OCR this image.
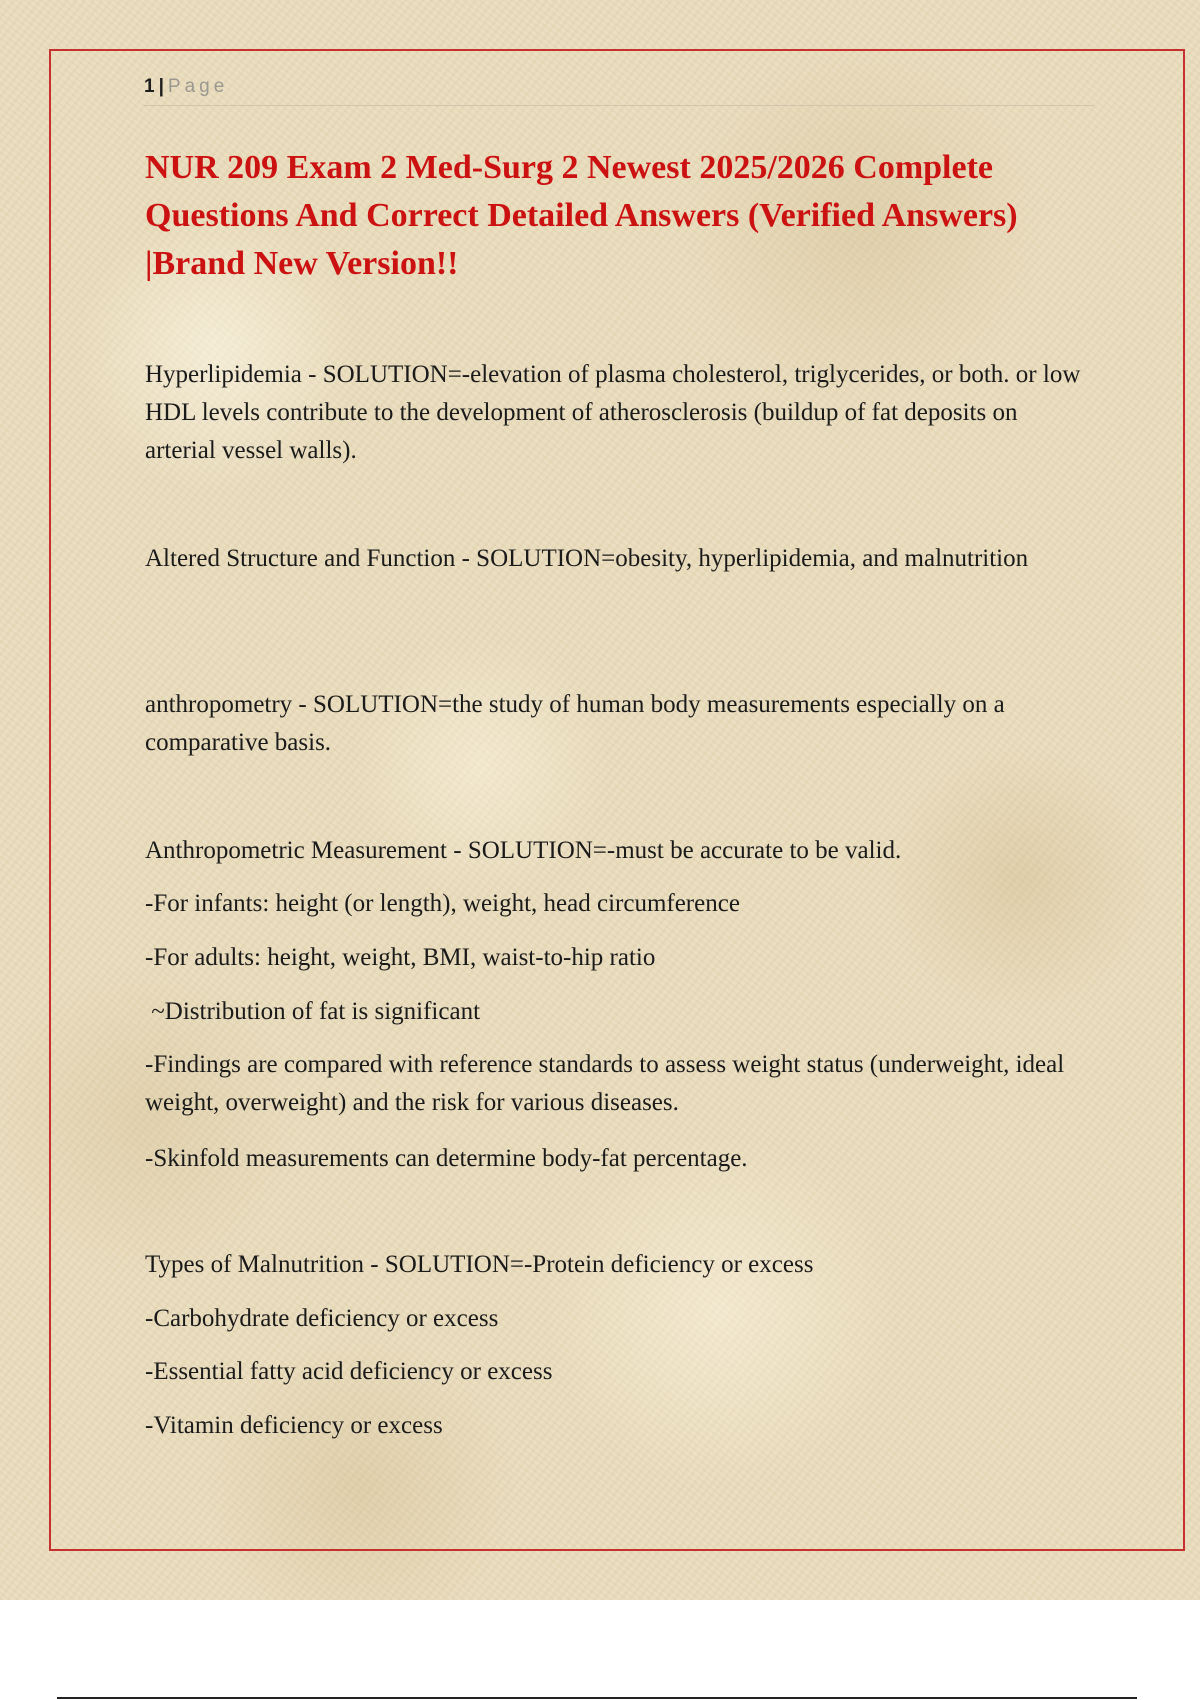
1 | Page
NUR 209 Exam 2 Med-Surg 2 Newest 2025/2026 Complete Questions And Correct Detailed Answers (Verified Answers) |Brand New Version!!

Hyperlipidemia - SOLUTION=-elevation of plasma cholesterol, triglycerides, or both. or low HDL levels contribute to the development of atherosclerosis (buildup of fat deposits on arterial vessel walls).

Altered Structure and Function - SOLUTION=obesity, hyperlipidemia, and malnutrition

anthropometry - SOLUTION=the study of human body measurements especially on a comparative basis.

Anthropometric Measurement - SOLUTION=-must be accurate to be valid.

-For infants: height (or length), weight, head circumference

-For adults: height, weight, BMI, waist-to-hip ratio

~Distribution of fat is significant

-Findings are compared with reference standards to assess weight status (underweight, ideal weight, overweight) and the risk for various diseases.

-Skinfold measurements can determine body-fat percentage.

Types of Malnutrition - SOLUTION=-Protein deficiency or excess

-Carbohydrate deficiency or excess

-Essential fatty acid deficiency or excess

-Vitamin deficiency or excess
